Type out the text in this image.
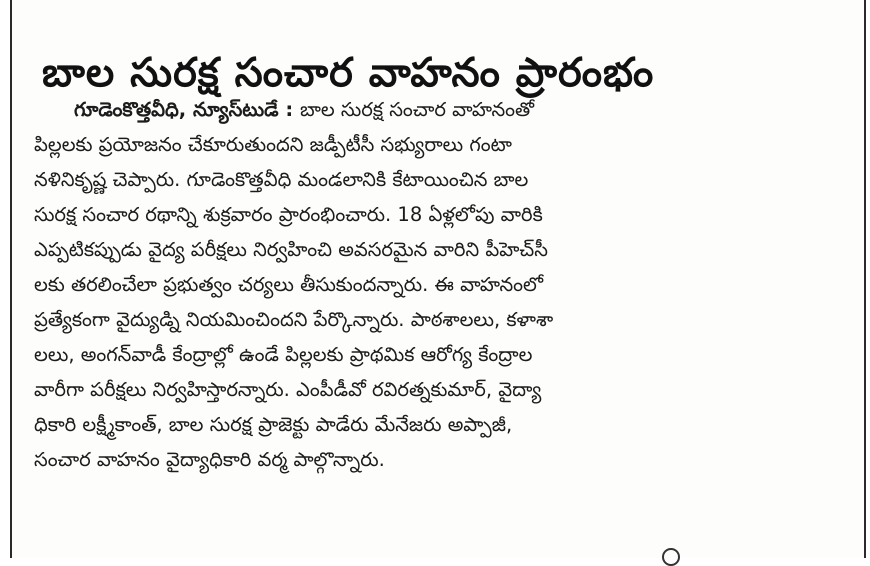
బాల సురక్ష సంచార వాహనం ప్రారంభం
గూడెంకొత్తవీధి, న్యూస్‌టుడే : బాల సురక్ష సంచార వాహనంతో
పిల్లలకు ప్రయోజనం చేకూరుతుందని జడ్పీటీసీ సభ్యురాలు గంటా
నళినికృష్ణ చెప్పారు. గూడెంకొత్తవీధి మండలానికి కేటాయించిన బాల
సురక్ష సంచార రథాన్ని శుక్రవారం ప్రారంభించారు. 18 ఏళ్లలోపు వారికి
ఎప్పటికప్పుడు వైద్య పరీక్షలు నిర్వహించి అవసరమైన వారిని పీహెచ్‌సీ
లకు తరలించేలా ప్రభుత్వం చర్యలు తీసుకుందన్నారు. ఈ వాహనంలో
ప్రత్యేకంగా వైద్యుడ్ని నియమించిందని పేర్కొన్నారు. పాఠశాలలు, కళాశా
లలు, అంగన్‌వాడీ కేంద్రాల్లో ఉండే పిల్లలకు ప్రాథమిక ఆరోగ్య కేంద్రాల
వారీగా పరీక్షలు నిర్వహిస్తారన్నారు. ఎంపీడీవో రవిరత్నకుమార్, వైద్యా
ధికారి లక్ష్మీకాంత్, బాల సురక్ష ప్రాజెక్టు పాడేరు మేనేజరు అప్పాజీ,
సంచార వాహనం వైద్యాధికారి వర్మ పాల్గొన్నారు.
